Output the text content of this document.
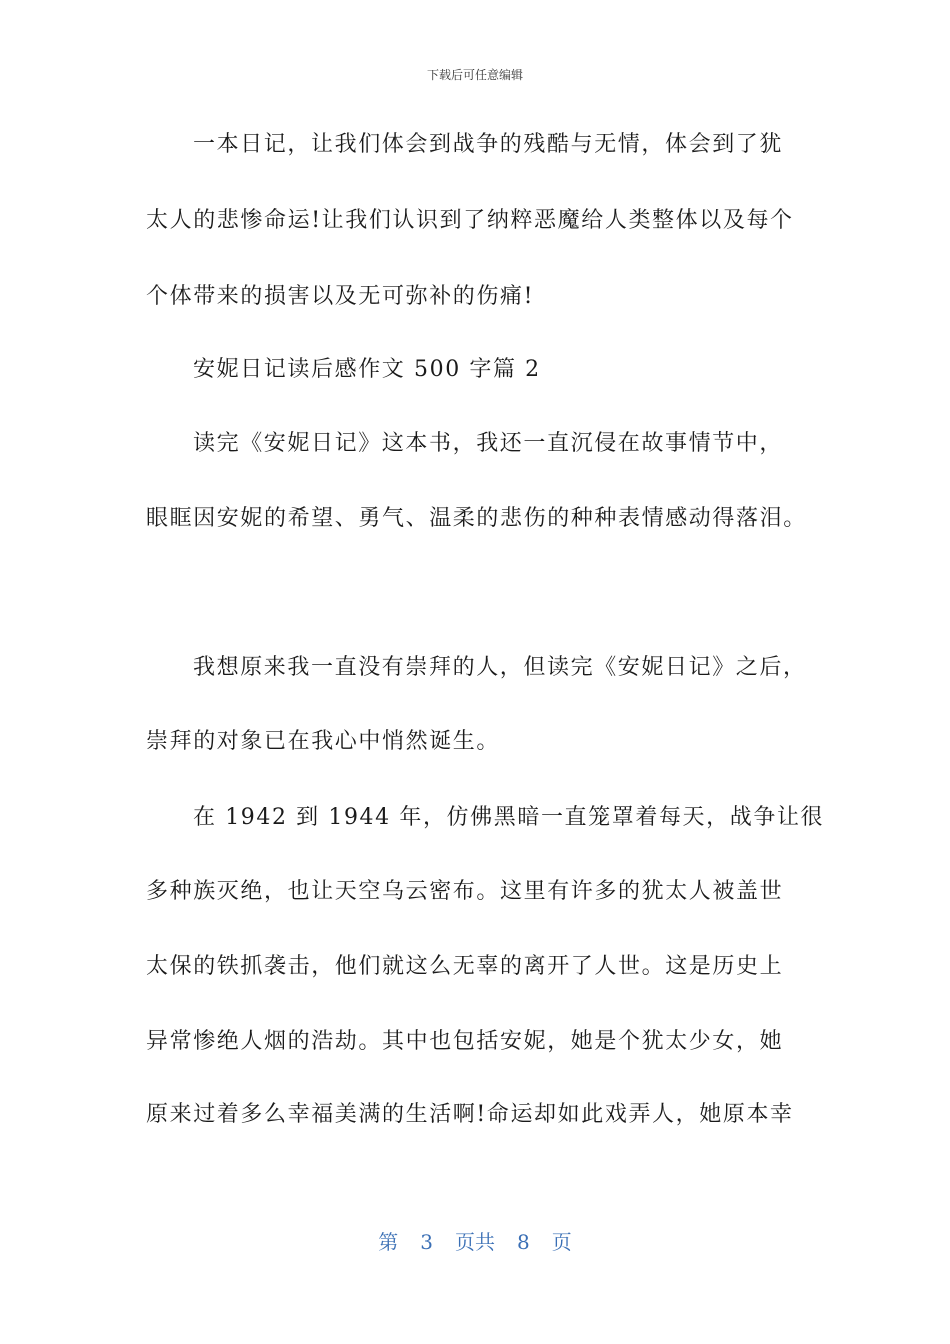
下载后可任意编辑
一本日记，让我们体会到战争的残酷与无情，体会到了犹
太人的悲惨命运!让我们认识到了纳粹恶魔给人类整体以及每个
个体带来的损害以及无可弥补的伤痛!
安妮日记读后感作文 500 字篇 2
读完《安妮日记》这本书，我还一直沉侵在故事情节中，
眼眶因安妮的希望、勇气、温柔的悲伤的种种表情感动得落泪。
我想原来我一直没有崇拜的人，但读完《安妮日记》之后，
崇拜的对象已在我心中悄然诞生。
在 1942 到 1944 年，仿佛黑暗一直笼罩着每天，战争让很
多种族灭绝，也让天空乌云密布。这里有许多的犹太人被盖世
太保的铁抓袭击，他们就这么无辜的离开了人世。这是历史上
异常惨绝人烟的浩劫。其中也包括安妮，她是个犹太少女，她
原来过着多么幸福美满的生活啊!命运却如此戏弄人，她原本幸
第 3 页共 8 页
